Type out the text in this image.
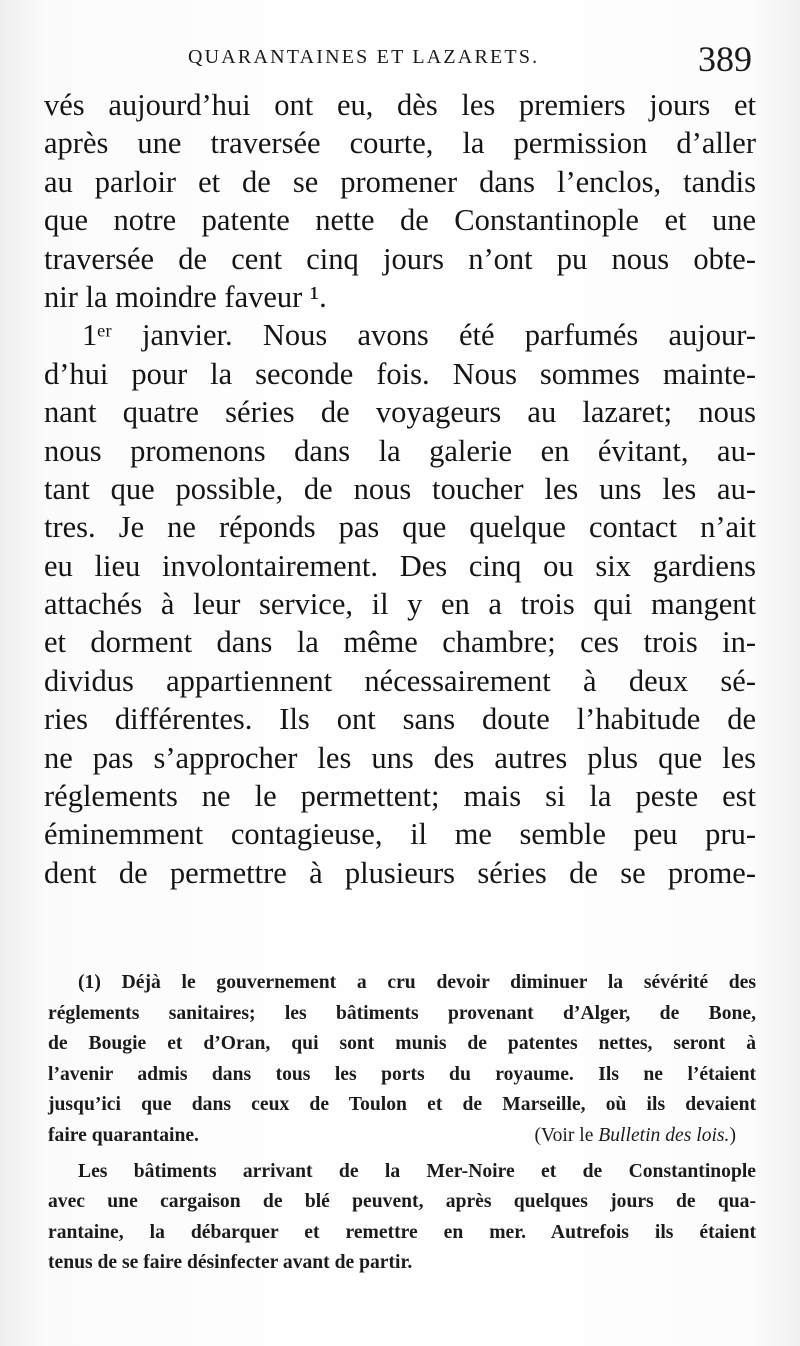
QUARANTAINES ET LAZARETS.	389
vés aujourd’hui ont eu, dès les premiers jours et
après une traversée courte, la permission d’aller
au parloir et de se promener dans l’enclos, tandis
que notre patente nette de Constantinople et une
traversée de cent cinq jours n’ont pu nous obte-
nir la moindre faveur ¹.
1ᵉʳ janvier. Nous avons été parfumés aujour-
d’hui pour la seconde fois. Nous sommes mainte-
nant quatre séries de voyageurs au lazaret; nous
nous promenons dans la galerie en évitant, au-
tant que possible, de nous toucher les uns les au-
tres. Je ne réponds pas que quelque contact n’ait
eu lieu involontairement. Des cinq ou six gardiens
attachés à leur service, il y en a trois qui mangent
et dorment dans la même chambre; ces trois in-
dividus appartiennent nécessairement à deux sé-
ries différentes. Ils ont sans doute l’habitude de
ne pas s’approcher les uns des autres plus que les
réglements ne le permettent; mais si la peste est
éminemment contagieuse, il me semble peu pru-
dent de permettre à plusieurs séries de se prome-
(1) Déjà le gouvernement a cru devoir diminuer la sévérité des
réglements sanitaires; les bâtiments provenant d’Alger, de Bone,
de Bougie et d’Oran, qui sont munis de patentes nettes, seront à
l’avenir admis dans tous les ports du royaume. Ils ne l’étaient
jusqu’ici que dans ceux de Toulon et de Marseille, où ils devaient
faire quarantaine.	(Voir le Bulletin des lois.)
Les bâtiments arrivant de la Mer-Noire et de Constantinople
avec une cargaison de blé peuvent, après quelques jours de qua-
rantaine, la débarquer et remettre en mer. Autrefois ils étaient
tenus de se faire désinfecter avant de partir.
